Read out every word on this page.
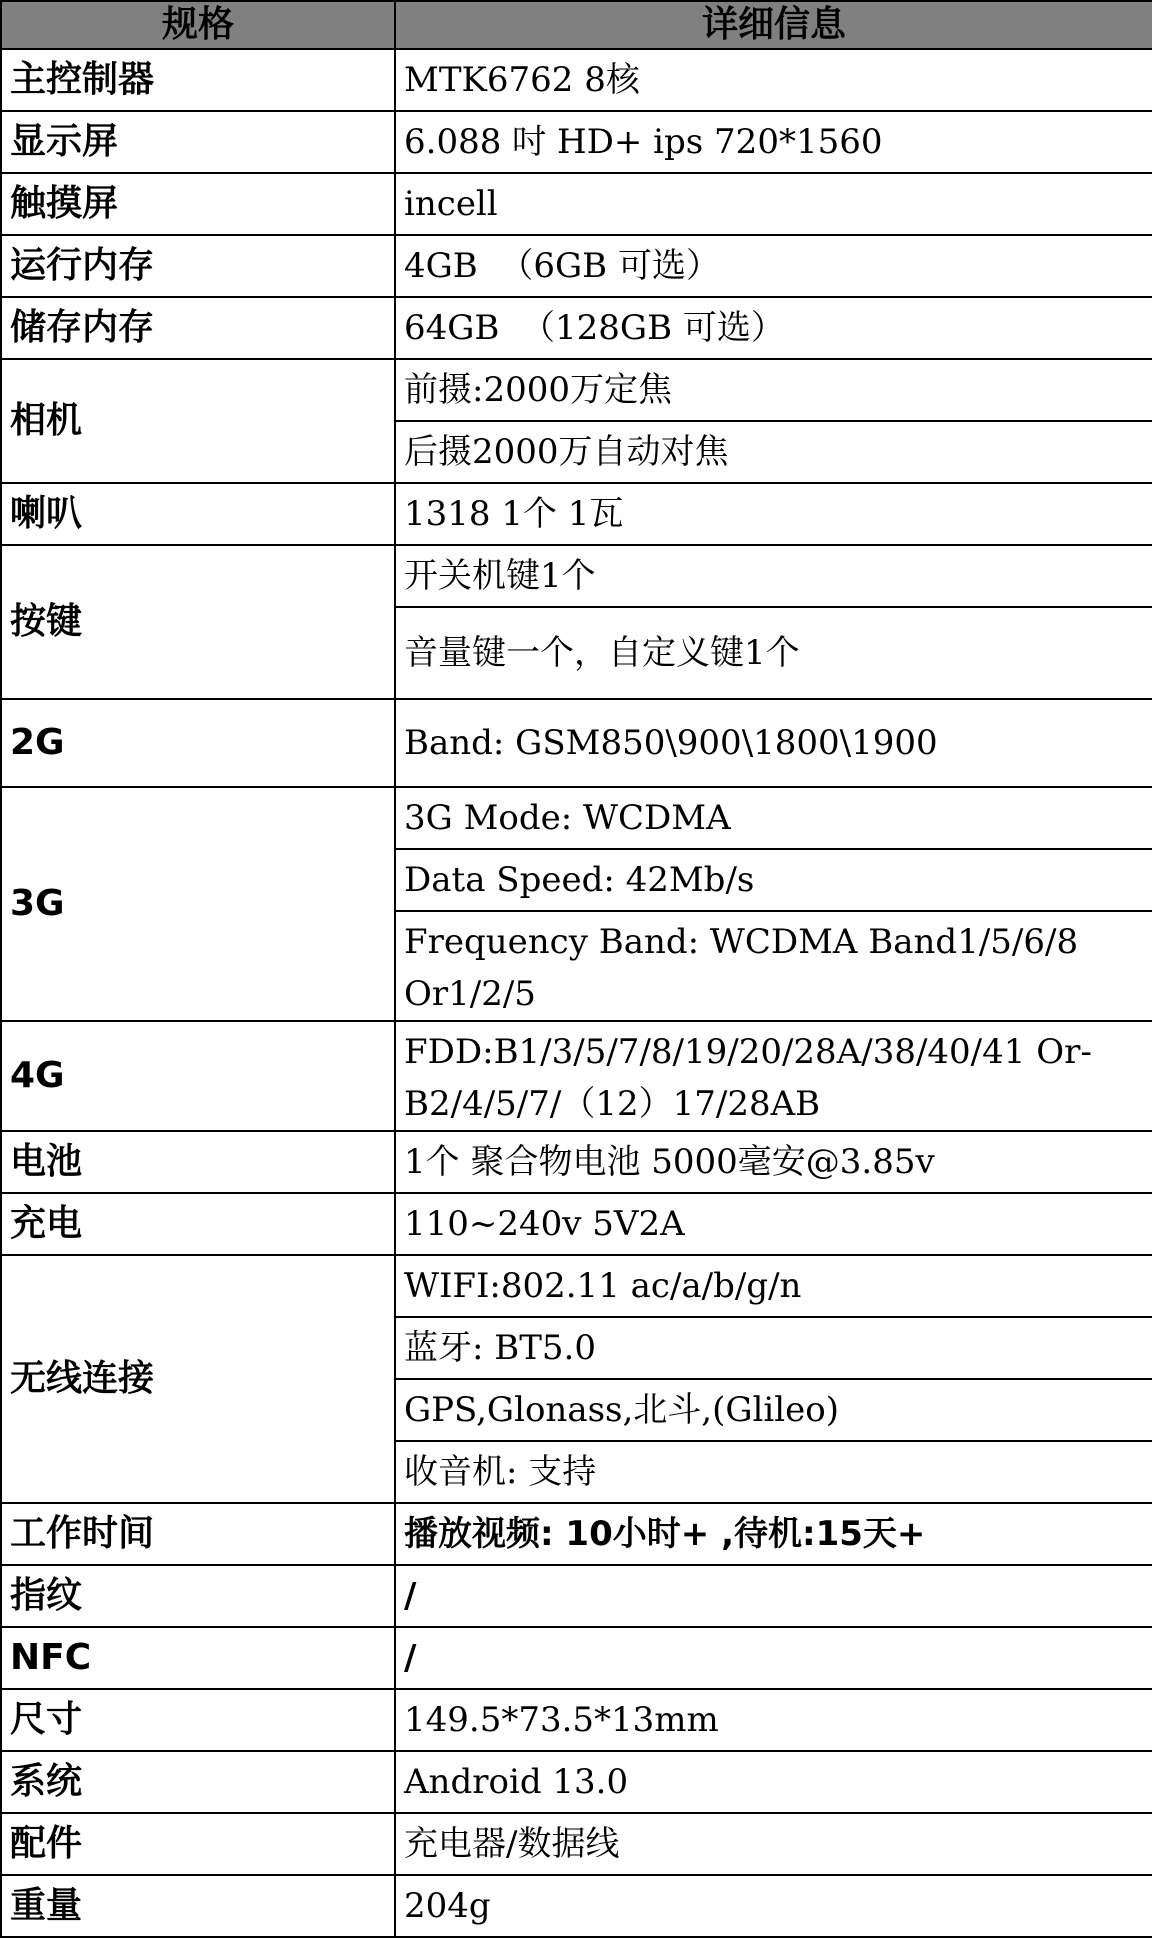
规格	详细信息
主控制器	MTK6762 8核
显示屏	6.088 吋 HD+ ips 720*1560
触摸屏	incell
运行内存	4GB  （6GB 可选）
储存内存	64GB  （128GB 可选）
相机	前摄:2000万定焦
	后摄2000万自动对焦
喇叭	1318 1个 1瓦
按键	开关机键1个
	音量键一个，自定义键1个
2G	Band: GSM850\900\1800\1900
3G	3G Mode: WCDMA
	Data Speed: 42Mb/s
	Frequency Band: WCDMA Band1/5/6/8 Or1/2/5
4G	FDD:B1/3/5/7/8/19/20/28A/38/40/41 Or-B2/4/5/7/（12）17/28AB
电池	1个 聚合物电池 5000毫安@3.85v
充电	110~240v 5V2A
无线连接	WIFI:802.11 ac/a/b/g/n
	蓝牙: BT5.0
	GPS,Glonass,北斗,(Glileo)
	收音机: 支持
工作时间	播放视频: 10小时+ ,待机:15天+
指纹	/
NFC	/
尺寸	149.5*73.5*13mm
系统	Android 13.0
配件	充电器/数据线
重量	204g
